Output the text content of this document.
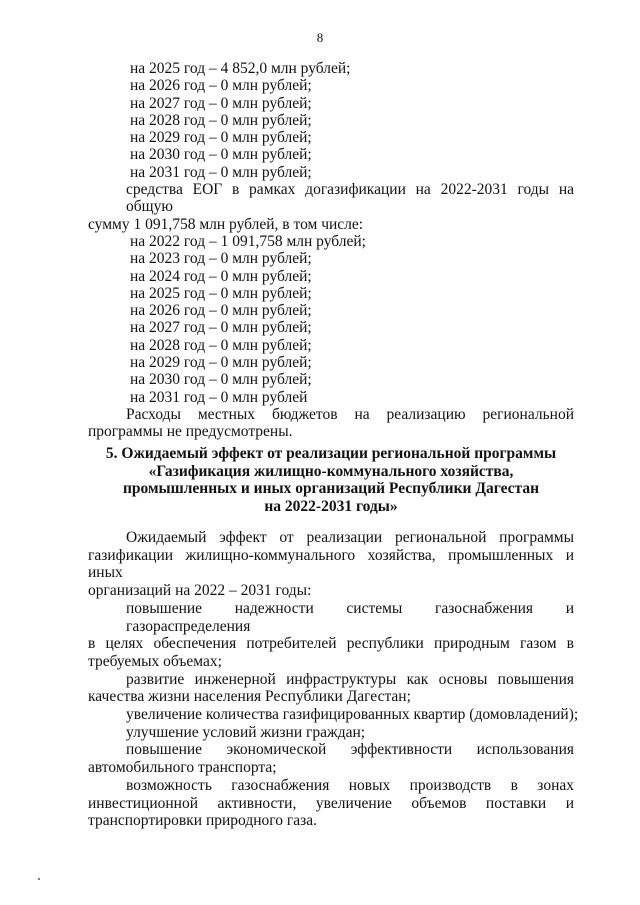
8
на 2025 год – 4 852,0 млн рублей;
на 2026 год – 0 млн рублей;
на 2027 год – 0 млн рублей;
на 2028 год – 0 млн рублей;
на 2029 год – 0 млн рублей;
на 2030 год – 0 млн рублей;
на 2031 год – 0 млн рублей;
средства ЕОГ в рамках догазификации на 2022-2031 годы на общую
сумму 1 091,758 млн рублей, в том числе:
на 2022 год – 1 091,758 млн рублей;
на 2023 год – 0 млн рублей;
на 2024 год – 0 млн рублей;
на 2025 год – 0 млн рублей;
на 2026 год – 0 млн рублей;
на 2027 год – 0 млн рублей;
на 2028 год – 0 млн рублей;
на 2029 год – 0 млн рублей;
на 2030 год – 0 млн рублей;
на 2031 год – 0 млн рублей
Расходы местных бюджетов на реализацию региональной
программы не предусмотрены.
5. Ожидаемый эффект от реализации региональной программы
«Газификация жилищно-коммунального хозяйства,
промышленных и иных организаций Республики Дагестан
на 2022-2031 годы»
Ожидаемый эффект от реализации региональной программы
газификации жилищно-коммунального хозяйства, промышленных и иных
организаций на 2022 – 2031 годы:
повышение надежности системы газоснабжения и газораспределения
в целях обеспечения потребителей республики природным газом в
требуемых объемах;
развитие инженерной инфраструктуры как основы повышения
качества жизни населения Республики Дагестан;
увеличение количества газифицированных квартир (домовладений);
улучшение условий жизни граждан;
повышение экономической эффективности использования
автомобильного транспорта;
возможность газоснабжения новых производств в зонах
инвестиционной активности, увеличение объемов поставки и
транспортировки природного газа.
